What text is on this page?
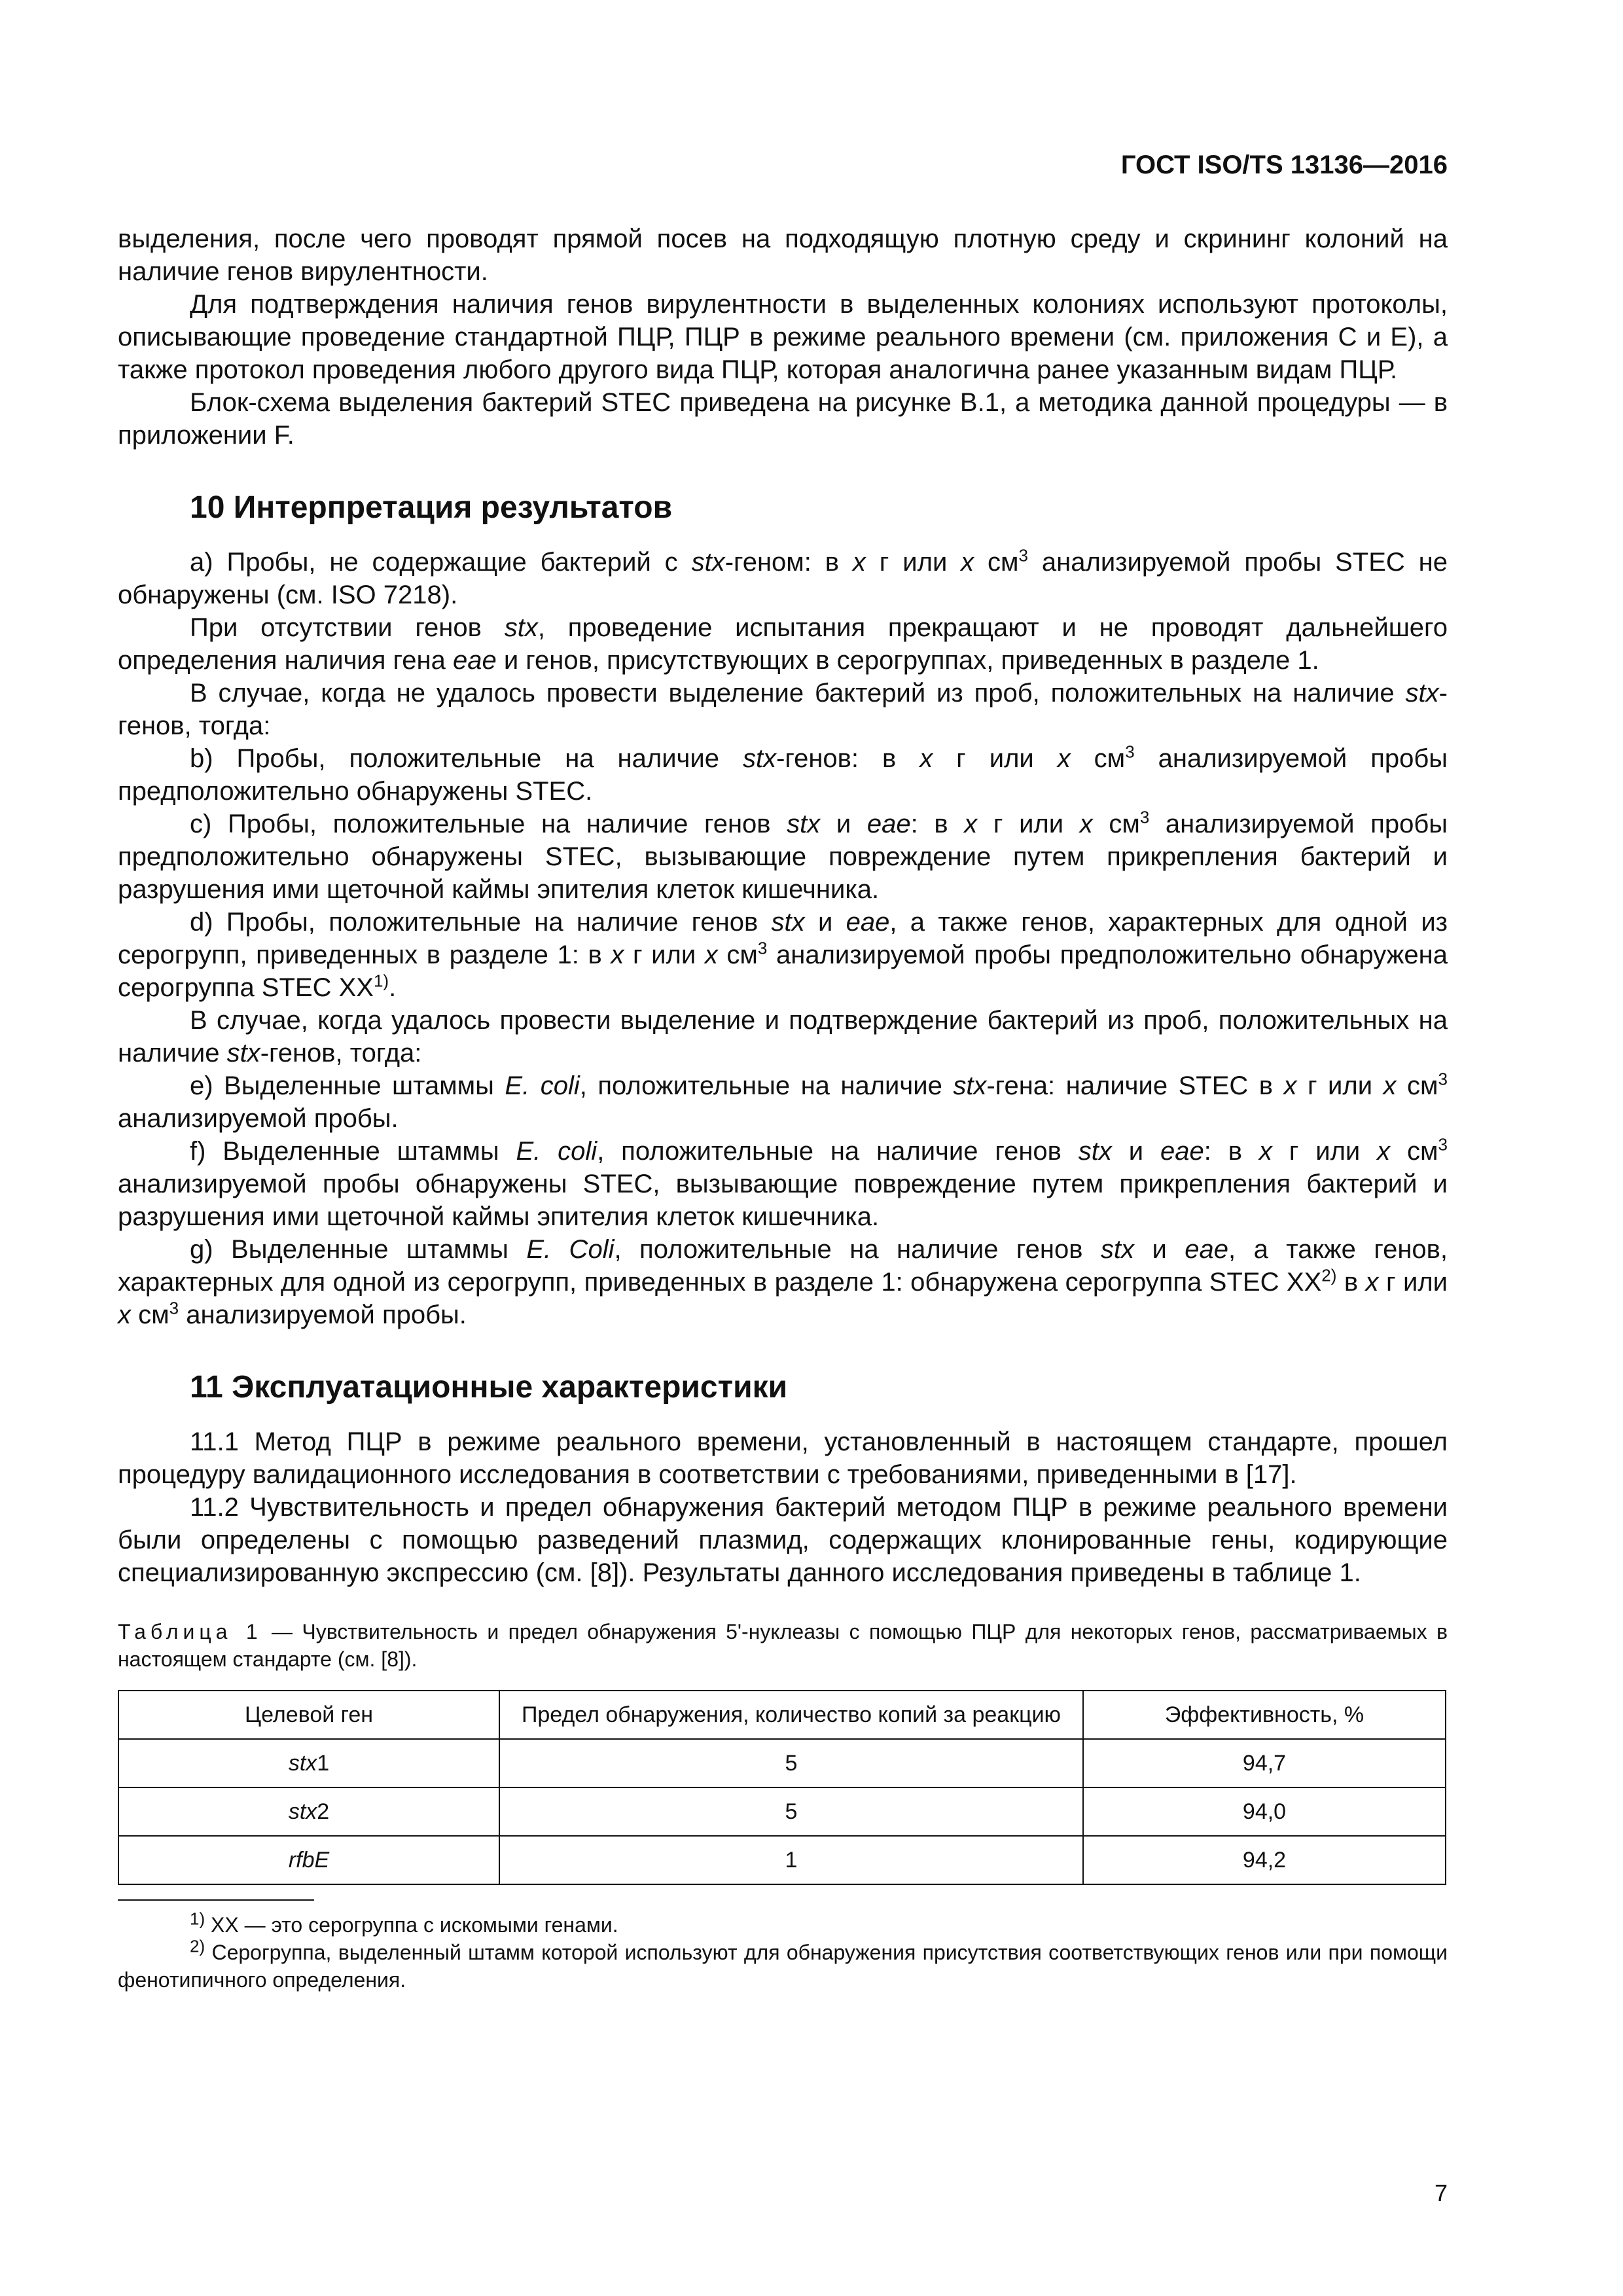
ГОСТ ISO/TS 13136—2016

выделения, после чего проводят прямой посев на подходящую плотную среду и скрининг колоний на наличие генов вирулентности.

Для подтверждения наличия генов вирулентности в выделенных колониях используют протоколы, описывающие проведение стандартной ПЦР, ПЦР в режиме реального времени (см. приложения C и E), а также протокол проведения любого другого вида ПЦР, которая аналогична ранее указанным видам ПЦР.

Блок-схема выделения бактерий STEC приведена на рисунке B.1, а методика данной процедуры — в приложении F.

10 Интерпретация результатов

a) Пробы, не содержащие бактерий с stx-геном: в x г или x $см^3$ анализируемой пробы STEC не обнаружены (см. ISO 7218).

При отсутствии генов stx, проведение испытания прекращают и не проводят дальнейшего определения наличия гена eae и генов, присутствующих в серогруппах, приведенных в разделе 1.

В случае, когда не удалось провести выделение бактерий из проб, положительных на наличие stx-генов, тогда:

b) Пробы, положительные на наличие stx-генов: в x г или x $см^3$ анализируемой пробы предположительно обнаружены STEC.

c) Пробы, положительные на наличие генов stx и eae: в x г или x $см^3$ анализируемой пробы предположительно обнаружены STEC, вызывающие повреждение путем прикрепления бактерий и разрушения ими щеточной каймы эпителия клеток кишечника.

d) Пробы, положительные на наличие генов stx и eae, а также генов, характерных для одной из серогрупп, приведенных в разделе 1: в x г или x $см^3$ анализируемой пробы предположительно обнаружена серогруппа STEC XX$^{1)}$.

В случае, когда удалось провести выделение и подтверждение бактерий из проб, положительных на наличие stx-генов, тогда:

e) Выделенные штаммы E. coli, положительные на наличие stx-гена: наличие STEC в x г или x $см^3$ анализируемой пробы.

f) Выделенные штаммы E. coli, положительные на наличие генов stx и eae: в x г или x $см^3$ анализируемой пробы обнаружены STEC, вызывающие повреждение путем прикрепления бактерий и разрушения ими щеточной каймы эпителия клеток кишечника.

g) Выделенные штаммы E. Coli, положительные на наличие генов stx и eae, а также генов, характерных для одной из серогрупп, приведенных в разделе 1: обнаружена серогруппа STEC XX$^{2)}$ в x г или x $см^3$ анализируемой пробы.

11 Эксплуатационные характеристики

11.1 Метод ПЦР в режиме реального времени, установленный в настоящем стандарте, прошел процедуру валидационного исследования в соответствии с требованиями, приведенными в [17].

11.2 Чувствительность и предел обнаружения бактерий методом ПЦР в режиме реального времени были определены с помощью разведений плазмид, содержащих клонированные гены, кодирующие специализированную экспрессию (см. [8]). Результаты данного исследования приведены в таблице 1.

Таблица 1 — Чувствительность и предел обнаружения 5'-нуклеазы с помощью ПЦР для некоторых генов, рассматриваемых в настоящем стандарте (см. [8]).
Целевой ген	Предел обнаружения, количество копий за реакцию	Эффективность, %
stx1	5	94,7
stx2	5	94,0
rfbE	1	94,2

$^{1)}$ XX — это серогруппа с искомыми генами.

$^{2)}$ Серогруппа, выделенный штамм которой используют для обнаружения присутствия соответствующих генов или при помощи фенотипичного определения.

7
